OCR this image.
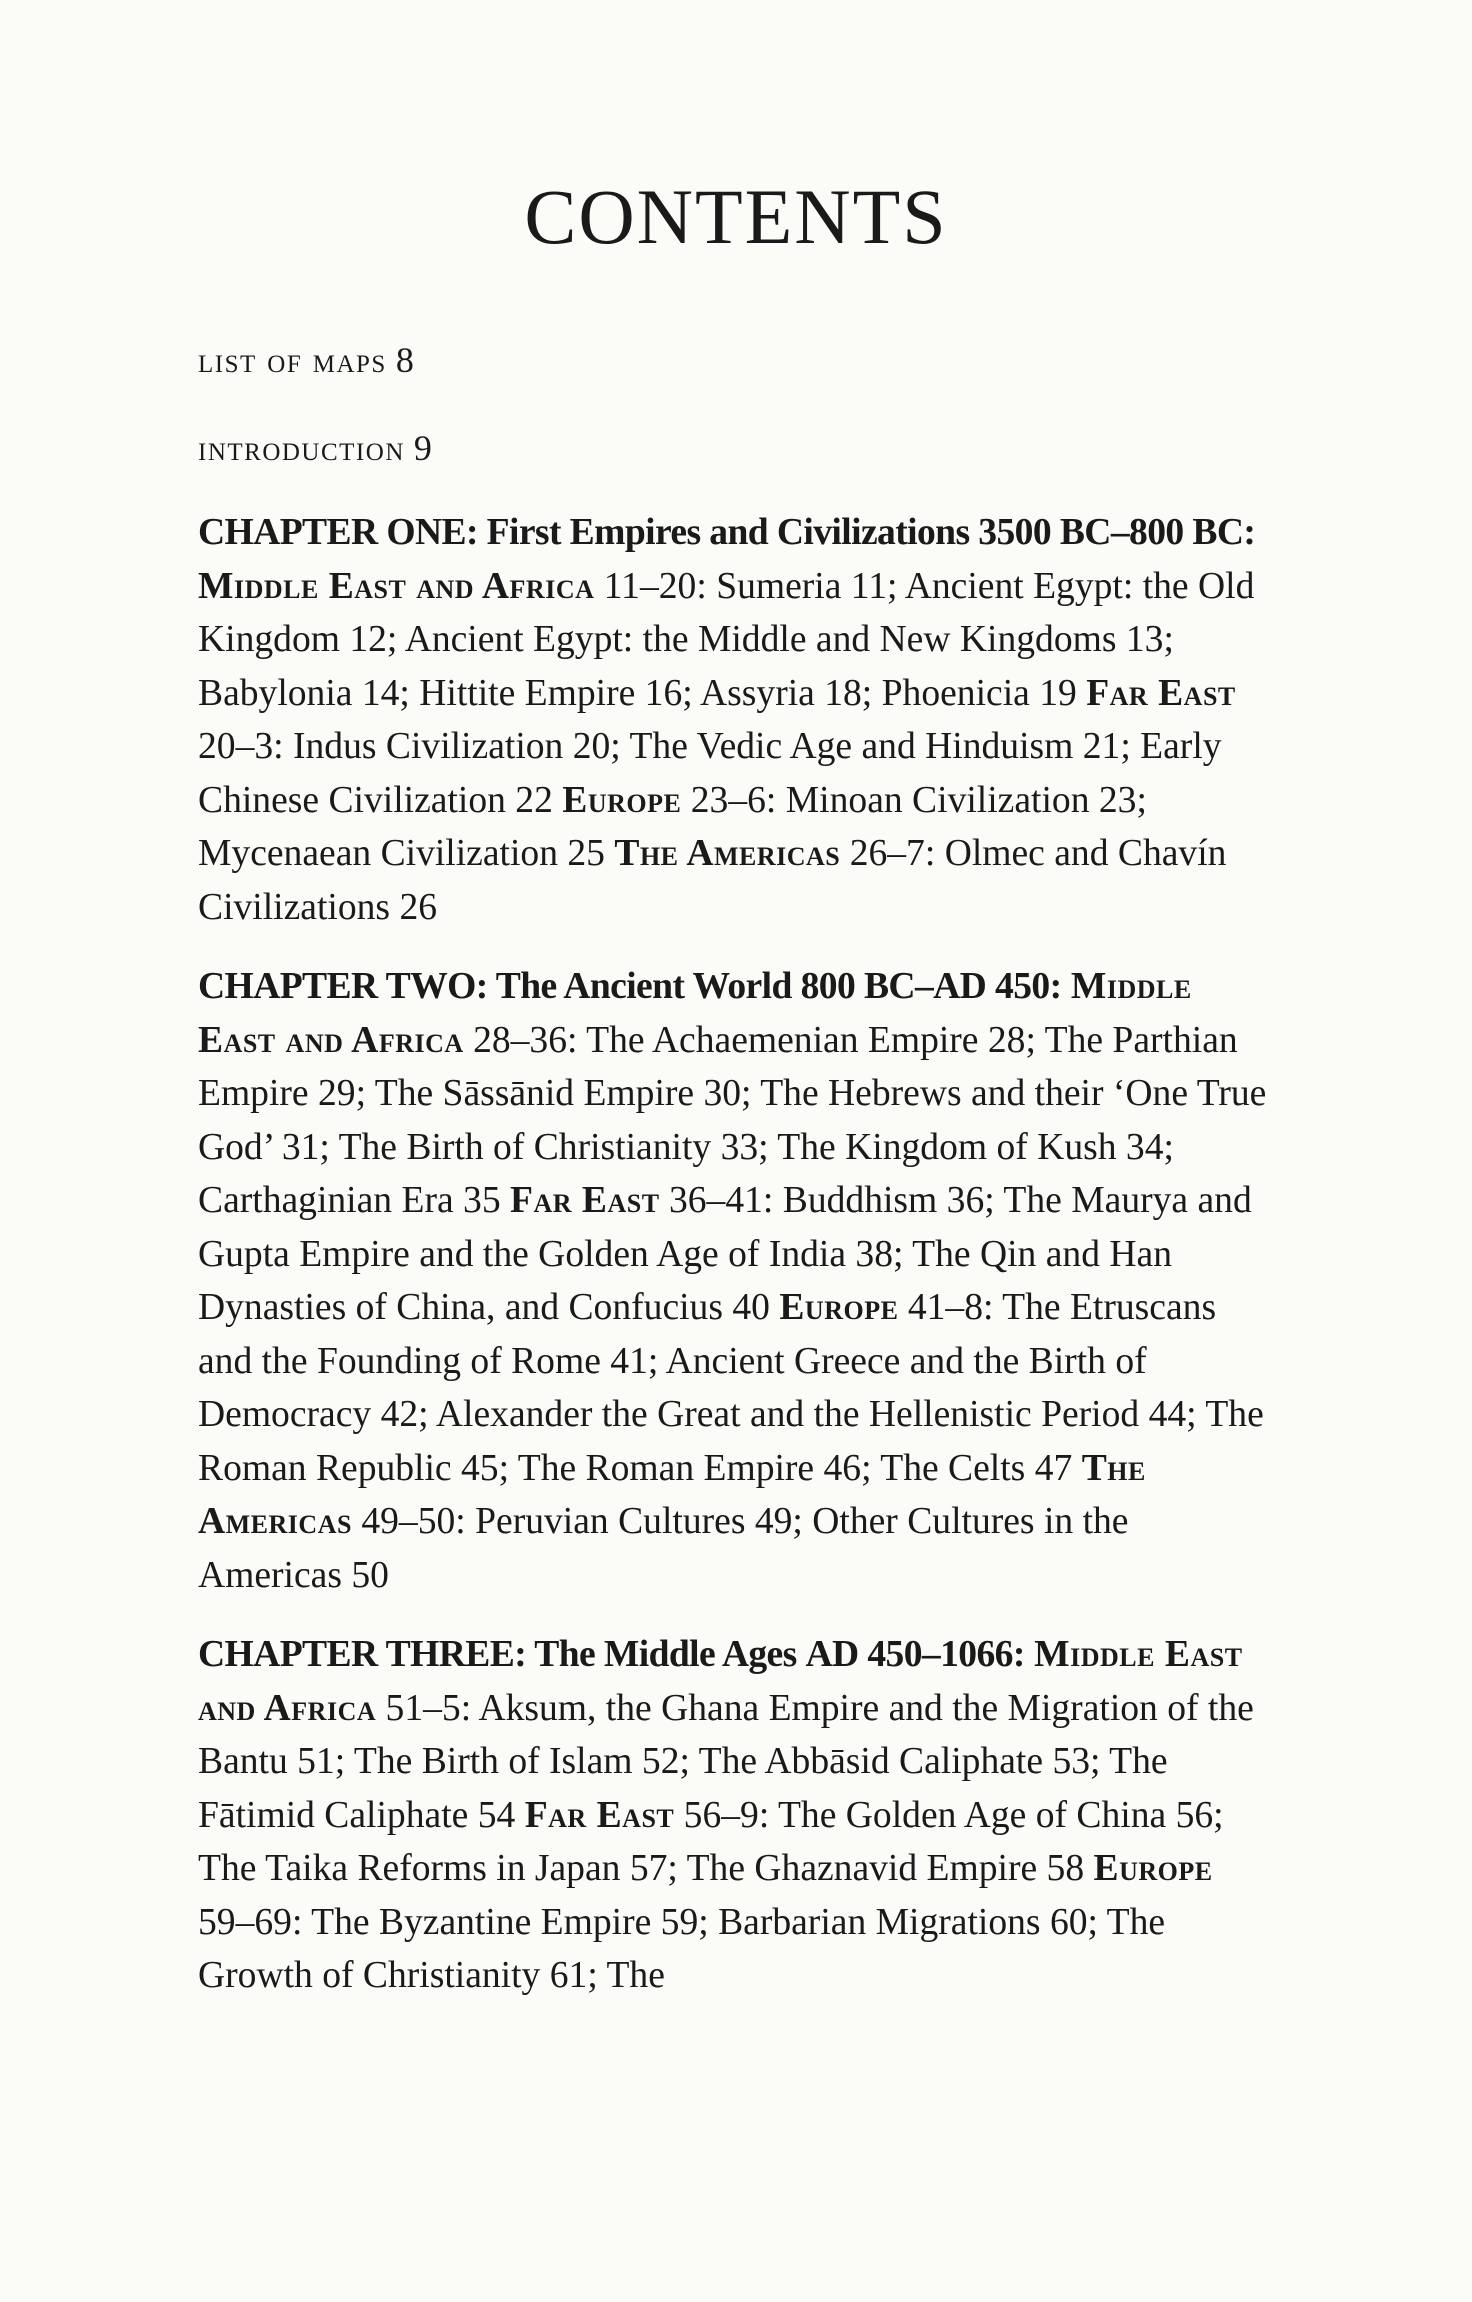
CONTENTS
list of maps 8
introduction 9

CHAPTER ONE: First Empires and Civilizations 3500 BC–800 BC: Middle East and Africa 11–20: Sumeria 11; Ancient Egypt: the Old Kingdom 12; Ancient Egypt: the Middle and New Kingdoms 13; Babylonia 14; Hittite Empire 16; Assyria 18; Phoenicia 19 Far East 20–3: Indus Civilization 20; The Vedic Age and Hinduism 21; Early Chinese Civilization 22 Europe 23–6: Minoan Civilization 23; Mycenaean Civilization 25 The Americas 26–7: Olmec and Chavín Civilizations 26

CHAPTER TWO: The Ancient World 800 BC–AD 450: Middle East and Africa 28–36: The Achaemenian Empire 28; The Parthian Empire 29; The Sāssānid Empire 30; The Hebrews and their ‘One True God’ 31; The Birth of Christianity 33; The Kingdom of Kush 34; Carthaginian Era 35 Far East 36–41: Buddhism 36; The Maurya and Gupta Empire and the Golden Age of India 38; The Qin and Han Dynasties of China, and Confucius 40 Europe 41–8: The Etruscans and the Founding of Rome 41; Ancient Greece and the Birth of Democracy 42; Alexander the Great and the Hellenistic Period 44; The Roman Republic 45; The Roman Empire 46; The Celts 47 The Americas 49–50: Peruvian Cultures 49; Other Cultures in the Americas 50

CHAPTER THREE: The Middle Ages AD 450–1066: Middle East and Africa 51–5: Aksum, the Ghana Empire and the Migration of the Bantu 51; The Birth of Islam 52; The Abbāsid Caliphate 53; The Fātimid Caliphate 54 Far East 56–9: The Golden Age of China 56; The Taika Reforms in Japan 57; The Ghaznavid Empire 58 Europe 59–69: The Byzantine Empire 59; Barbarian Migrations 60; The Growth of Christianity 61; The
